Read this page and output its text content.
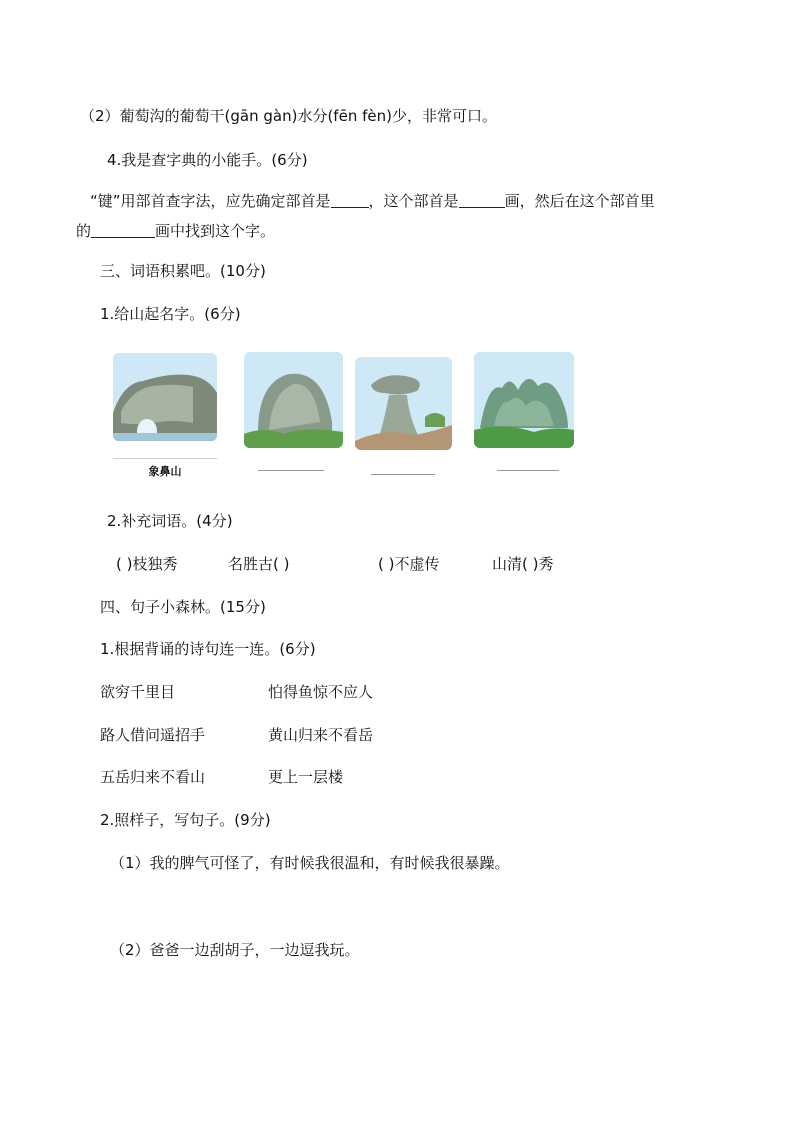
（2）葡萄沟的葡萄干(gān gàn)水分(fēn fèn)少，非常可口。
4.我是查字典的小能手。(6分)
“键”用部首查字法，应先确定部首是	，这个部首是	画，然后在这个部首里
的	画中找到这个字。
三、词语积累吧。(10分)
1.给山起名字。(6分)
象鼻山
2.补充词语。(4分)
( )枝独秀	名胜古( )	( )不虚传	山清( )秀
四、句子小森林。(15分)
1.根据背诵的诗句连一连。(6分)
欲穷千里目	怕得鱼惊不应人
路人借问遥招手	黄山归来不看岳
五岳归来不看山	更上一层楼
2.照样子，写句子。(9分)
（1）我的脾气可怪了，有时候我很温和，有时候我很暴躁。
（2）爸爸一边刮胡子，一边逗我玩。
